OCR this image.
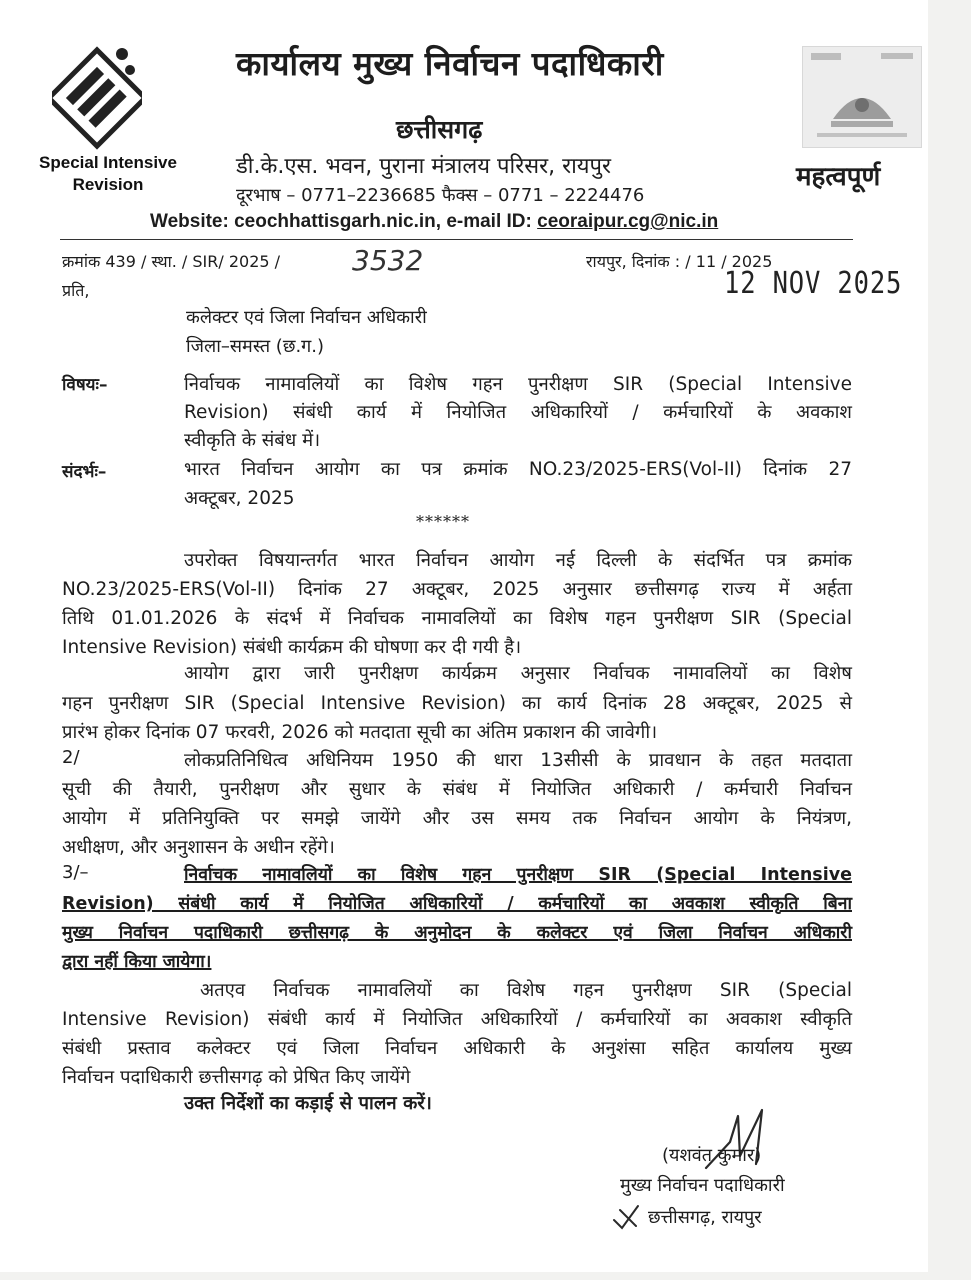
Special Intensive Revision
कार्यालय मुख्य निर्वाचन पदाधिकारी
छत्तीसगढ़
डी.के.एस. भवन, पुराना मंत्रालय परिसर, रायपुर
दूरभाष – 0771–2236685 फैक्स – 0771 – 2224476
Website: ceochhattisgarh.nic.in, e-mail ID: ceoraipur.cg@nic.in
महत्वपूर्ण
क्रमांक 439 / स्था. / SIR/ 2025 /	3532	रायपुर, दिनांक : / 11 / 2025
12 NOV 2025
प्रति,
कलेक्टर एवं जिला निर्वाचन अधिकारी
जिला–समस्त (छ.ग.)
विषयः–	निर्वाचक नामावलियों का विशेष गहन पुनरीक्षण SIR (Special Intensive
Revision) संबंधी कार्य में नियोजित अधिकारियों / कर्मचारियों के अवकाश
स्वीकृति के संबंध में।
संदर्भः–	भारत निर्वाचन आयोग का पत्र क्रमांक NO.23/2025-ERS(Vol-II) दिनांक 27
अक्टूबर, 2025
******
उपरोक्त विषयान्तर्गत भारत निर्वाचन आयोग नई दिल्ली के संदर्भित पत्र क्रमांक
NO.23/2025-ERS(Vol-II) दिनांक 27 अक्टूबर, 2025 अनुसार छत्तीसगढ़ राज्य में अर्हता
तिथि 01.01.2026 के संदर्भ में निर्वाचक नामावलियों का विशेष गहन पुनरीक्षण SIR (Special
Intensive Revision) संबंधी कार्यक्रम की घोषणा कर दी गयी है।
आयोग द्वारा जारी पुनरीक्षण कार्यक्रम अनुसार निर्वाचक नामावलियों का विशेष
गहन पुनरीक्षण SIR (Special Intensive Revision) का कार्य दिनांक 28 अक्टूबर, 2025 से
प्रारंभ होकर दिनांक 07 फरवरी, 2026 को मतदाता सूची का अंतिम प्रकाशन की जावेगी।
2/	लोकप्रतिनिधित्व अधिनियम 1950 की धारा 13सीसी के प्रावधान के तहत मतदाता
सूची की तैयारी, पुनरीक्षण और सुधार के संबंध में नियोजित अधिकारी / कर्मचारी निर्वाचन
आयोग में प्रतिनियुक्ति पर समझे जायेंगे और उस समय तक निर्वाचन आयोग के नियंत्रण,
अधीक्षण, और अनुशासन के अधीन रहेंगे।
3/–	निर्वाचक नामावलियों का विशेष गहन पुनरीक्षण SIR (Special Intensive
Revision) संबंधी कार्य में नियोजित अधिकारियों / कर्मचारियों का अवकाश स्वीकृति बिना
मुख्य निर्वाचन पदाधिकारी छत्तीसगढ़ के अनुमोदन के कलेक्टर एवं जिला निर्वाचन अधिकारी
द्वारा नहीं किया जायेगा।
अतएव निर्वाचक नामावलियों का विशेष गहन पुनरीक्षण SIR (Special
Intensive Revision) संबंधी कार्य में नियोजित अधिकारियों / कर्मचारियों का अवकाश स्वीकृति
संबंधी प्रस्ताव कलेक्टर एवं जिला निर्वाचन अधिकारी के अनुशंसा सहित कार्यालय मुख्य
निर्वाचन पदाधिकारी छत्तीसगढ़ को प्रेषित किए जायेंगे
उक्त निर्देशों का कड़ाई से पालन करें।
(यशवंत कुमार)
मुख्य निर्वाचन पदाधिकारी
छत्तीसगढ़, रायपुर
